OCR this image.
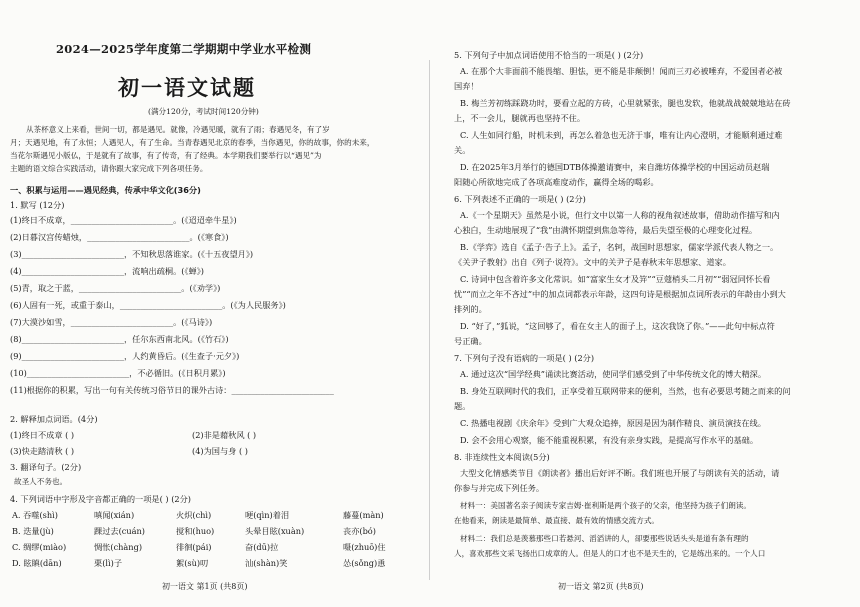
2024—2025学年度第二学期期中学业水平检测
初一语文试题
(满分120分，考试时间120分钟)
从茶杯意义上来看，世间一切，都是遇见。就像，冷遇见暖，就有了雨；春遇见冬，有了岁
月；天遇见地，有了永恒；人遇见人，有了生命。当青春遇见北京的春季，当你遇见，你的故事，你的未来，
当花尔斯遇见小版仏，于是就有了故事，有了传奇，有了经典。本学期我们要举行以“遇见”为
主题的语文综合实践活动，请你跟大家完成下列各项任务。
一、积累与运用——遇见经典，传承中华文化(36分)
1. 默写 (12分)
(1)终日不成章，_________________________。(《迢迢牵牛星》)
(2)日暮汉宫传蜡烛，_________________________。(《寒食》)
(3)_________________________，不知秋思落谁家。(《十五夜望月》)
(4)_________________________，流响出疏桐。(《蝉》)
(5)青，取之于蓝，_________________________。(《劝学》)
(6)人固有一死，或重于泰山，_________________________。(《为人民服务》)
(7)大漠沙如雪，_________________________。(《马诗》)
(8)_________________________，任尔东西南北风。(《竹石》)
(9)_________________________，人约黄昏后。(《生查子·元夕》)
(10)_________________________，不必循旧。(《日积月累》)
(11)根据你的积累，写出一句有关传统习俗节日的课外古诗：_________________________
2. 解释加点词语。(4分)
(1)终日不成章 ( )	(2)非是藉秋风 ( )
(3)快走踏清秋 ( )	(4)为国与身 ( )
3. 翻译句子。(2分)
故圣人不务也。
4. 下列词语中字形及字音都正确的一项是( ) (2分)
A. 吞噬(shì)	嗔闻(xián)	火炽(chì)	哽(qìn)着泪	藤蔓(màn)
B. 迭量(jù)	踝过去(cuán)	搅和(huo)	头晕目眩(xuàn)	丧亦(bó)
C. 绸缪(miào)	惆怅(chàng)	徘徊(pái)	奋(dū)拉	嗫(zhuō)住
D. 眩瞋(dān)	栗(lì)子	絮(sù)叨	汕(shàn)笑	怂(sǒng)恿
初一语文 第1页 (共8页)
5. 下列句子中加点词语使用不恰当的一项是( ) (2分)
A. 在那个大非面前不能畏缩、胆怯，更不能是非颠倒！闻而三刃必被唾弃，不爱国者必被
国弃！
B. 梅兰芳初练踩跷功时，要看立起的方砖，心里就紧张，腿也发软，他就战战兢兢地站在砖
上，不一会儿，腿就再也坚持不住。
C. 人生如同行船，时机未到，再怎么着急也无济于事，唯有让内心澄明，才能顺利通过难
关。
D. 在2025年3月举行的德国DTB体操邀请赛中，来自潍坊体操学校的中国运动员赵瑞
阳随心所欲地完成了各项高难度动作，赢得全场的喝彩。
6. 下列表述不正确的一项是( ) (2分)
A.《一个星期天》虽然是小说，但行文中以第一人称的视角叙述故事，借助动作描写和内
心独白，生动地展现了“我”由满怀期望到焦急等待，最后失望至极的心理变化过程。
B.《学弈》选自《孟子·告子上》。孟子，名轲，战国时思想家，儒家学派代表人物之一。
《关尹子教射》出自《列子·说符》。文中的关尹子是春秋末年思想家、道家。
C. 诗词中包含着许多文化常识。如“富家生女才及笄”“豆蔻梢头二月初”“弱冠同怀长看
忧”“而立之年不吝过”中的加点词都表示年龄，这四句诗是根据加点词所表示的年龄由小到大
排列的。
D. “好了，”狐说，“这回够了，看在女主人的面子上，这次我饶了你。”——此句中标点符
号正确。
7. 下列句子没有语病的一项是( ) (2分)
A. 通过这次“国学经典”诵读比赛活动，使同学们感受到了中华传统文化的博大精深。
B. 身处互联网时代的我们，正享受着互联网带来的便利，当然，也有必要思考随之而来的问
题。
C. 热播电视剧《庆余年》受到广大观众追捧，原因是因为制作精良、演员演技在线。
D. 会不会用心观察，能不能重视积累，有没有亲身实践，是提高写作水平的基础。
8. 非连续性文本阅读(5分)
大型文化情感类节目《朗读者》播出后好评不断。我们班也开展了与朗读有关的活动，请
你参与并完成下列任务。
材料一：美国著名亲子阅读专家吉姆·崔利斯是两个孩子的父亲，他坚持为孩子们朗读。
在他看来，朗读是最简单、最直接、最有效的情感交流方式。
材料二：我们总是羡慕那些口若悬河、滔滔讲的人，卻要那些说话头头是道有条有理的
人，喜欢那些文采飞扬出口成章的人。但是人的口才也不是天生的，它是练出来的。一个人口
初一语文 第2页 (共8页)
